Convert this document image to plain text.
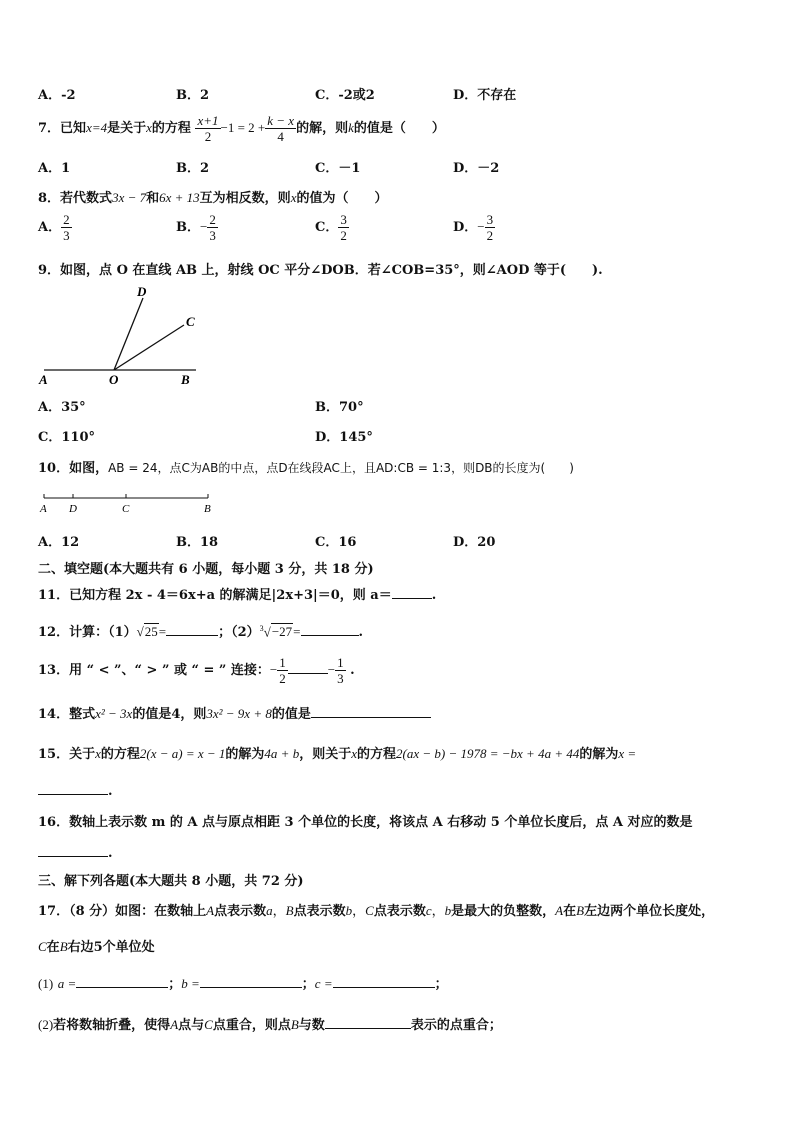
A．-2	B．2	C．-2或2	D．不存在
7．已知x=4是关于x的方程 $\frac{x+1}{2} -1 = 2 + \frac{k - x}{4}$ 的解，则k的值是（　　）
A．1	B．2	C．－1	D．－2
8．若代数式3x − 7和6x + 13互为相反数，则x的值为（　　）
A． $\frac{2}{3}$	B．− $\frac{2}{3}$	C． $\frac{3}{2}$	D．− $\frac{3}{2}$
9．如图，点 O 在直线 AB 上，射线 OC 平分∠DOB．若∠COB=35°，则∠AOD 等于(　　).
D
C
A	O	B
A．35°	B．70°
C．110°	D．145°
10．如图，AB = 24，点C为AB的中点，点D在线段AC上，且AD:CB = 1:3，则DB的长度为(　　)
A D	C	B
A．12	B．18	C．16	D．20
二、填空题(本大题共有 6 小题，每小题 3 分，共 18 分)
11．已知方程 2x - 4＝6x+a 的解满足|2x+3|＝0，则 a＝	.
12．计算：（1）√25=	；$(2)^3√-27=$	.
13．用 “ < ”、“ > ” 或 “ = ” 连接：− $\frac{1}{2}$	− $\frac{1}{3}$ .
14．整式x² − 3x的值是4，则3x² − 9x + 8的值是
15．关于x的方程2(x − a) = x − 1的解为4a + b，则关于x的方程2(ax − b) − 1978 = −bx + 4a + 44的解为x =
.
16．数轴上表示数 m 的 A 点与原点相距 3 个单位的长度，将该点 A 右移动 5 个单位长度后，点 A 对应的数是
.
三、解下列各题(本大题共 8 小题，共 72 分)
17．（8 分）如图：在数轴上A点表示数a，B点表示数b，C点表示数c，b是最大的负整数，A在B左边两个单位长度处，
C在B右边5个单位处
(1) a =	；b =	；c =	；
(2)若将数轴折叠，使得A点与C点重合，则点B与数	表示的点重合；
